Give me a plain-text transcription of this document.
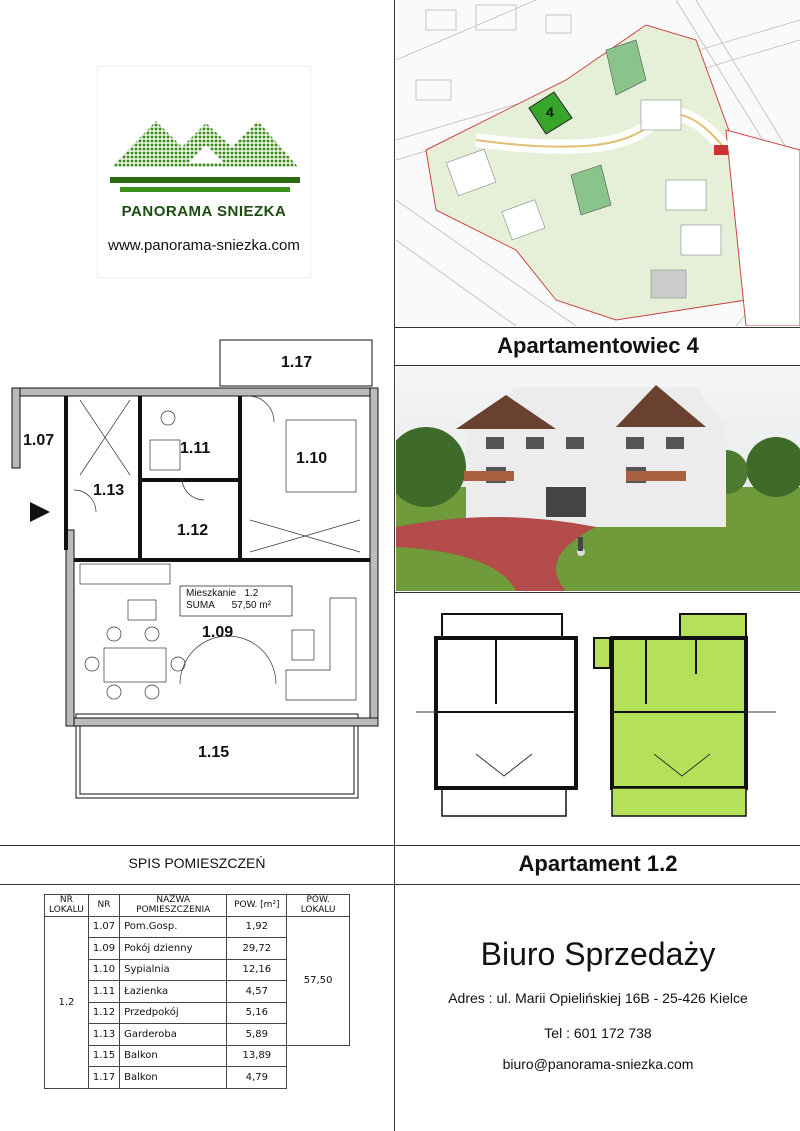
PANORAMA SNIEZKA
www.panorama-sniezka.com
4
Apartamentowiec 4
1.17
1.07	1.11
1.10
1.13
1.12
1.09
1.15
Mieszkanie 1.2
SUMA 57,50 m²
SPIS POMIESZCZEŃ	Apartament 1.2
NR LOKALU	NR	NAZWA POMIESZCZENIA	POW. [m²]	POW. LOKALU
1.2	1.07	Pom.Gosp.	1,92	57,50
	1.09	Pokój dzienny	29,72	
	1.10	Sypialnia	12,16	
	1.11	Łazienka	4,57	
	1.12	Przedpokój	5,16	
	1.13	Garderoba	5,89	
	1.15	Balkon	13,89	
	1.17	Balkon	4,79	
Biuro Sprzedaży
Adres : ul. Marii Opielińskiej 16B - 25-426 Kielce
Tel : 601 172 738
biuro@panorama-sniezka.com
